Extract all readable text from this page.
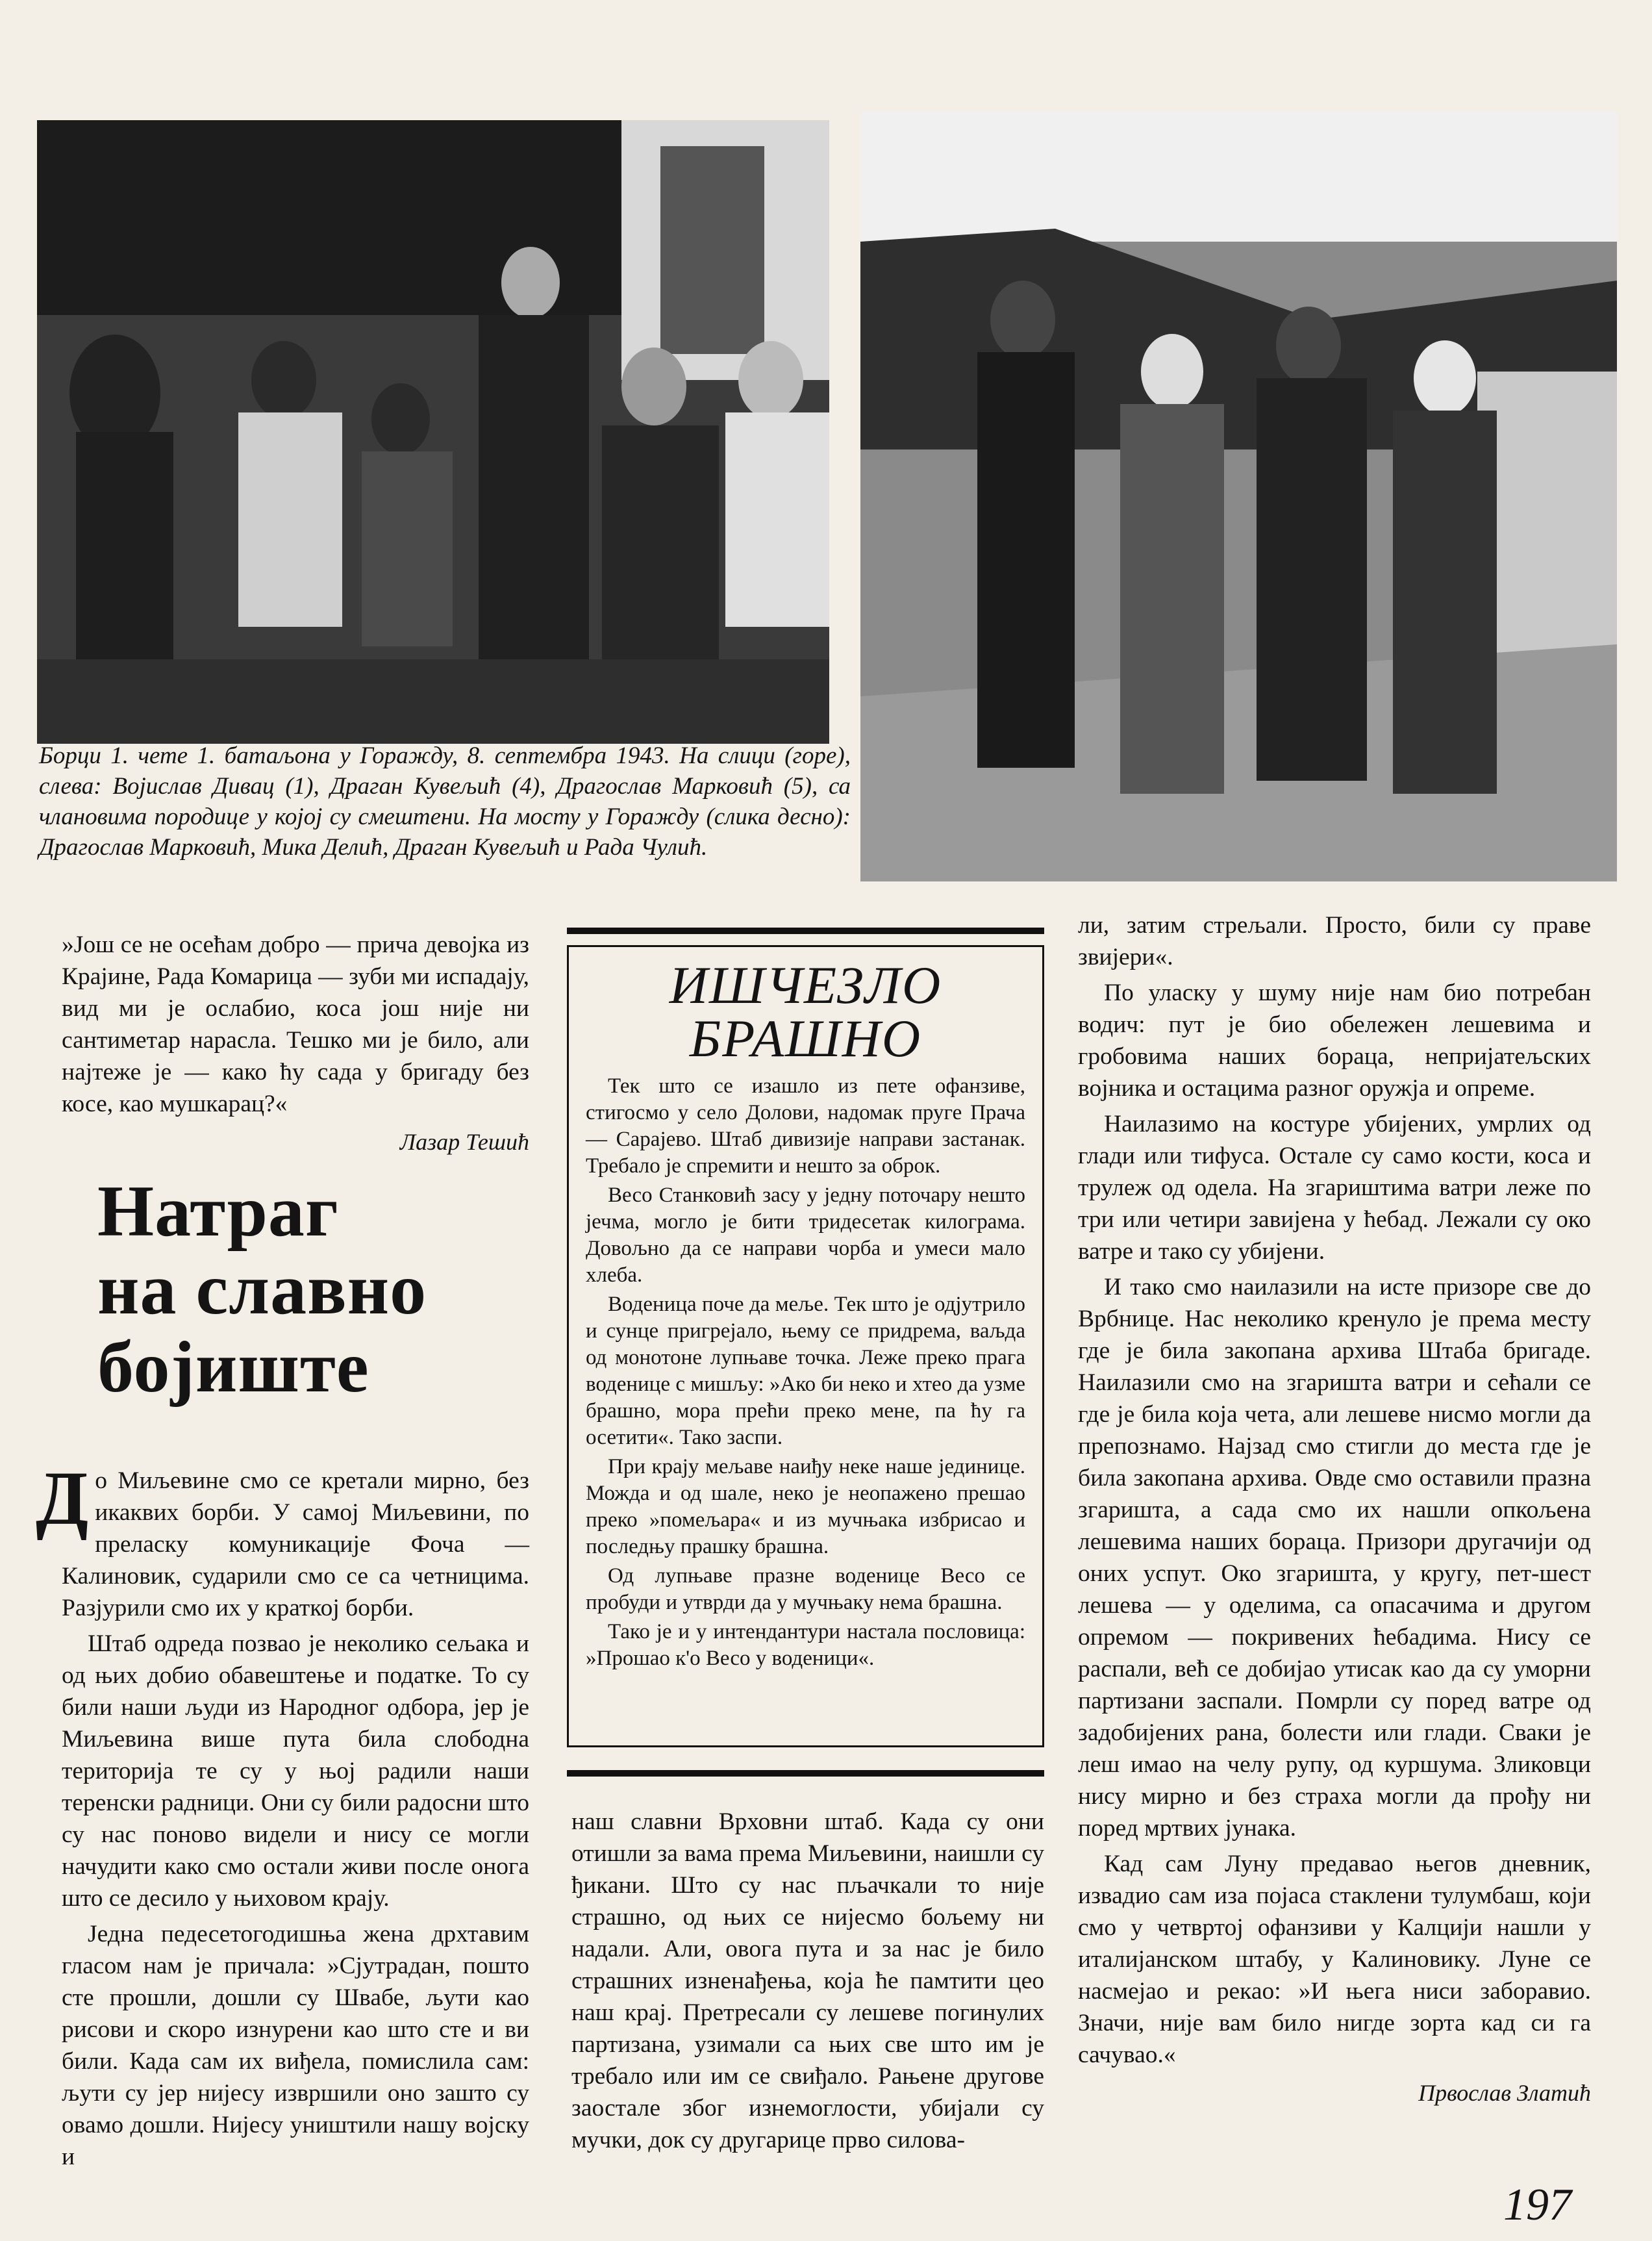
Борци 1. чете 1. батаљона у Горажду, 8. септембра 1943. На слици (горе), слева: Војислав Дивац (1), Драган Кувељић (4), Драгослав Марковић (5), са члановима породице у којој су смештени. На мосту у Горажду (слика десно): Драгослав Марковић, Мика Делић, Драган Кувељић и Рада Чулић.

»Још се не осећам добро — прича девојка из Крајине, Рада Комарица — зуби ми испадају, вид ми је ослабио, коса још није ни сантиметар нарасла. Тешко ми је било, али најтеже је — како ћу сада у бригаду без косе, као мушкарац?«

Лазар Тешић
Натраг
на славно
бојиште

До Миљевине смо се кретали мирно, без икаквих борби. У самој Миљевини, по преласку комуникације Фоча — Калиновик, сударили смо се са четницима. Разјурили смо их у краткој борби.

Штаб одреда позвао је неколико сељака и од њих добио обавештење и податке. То су били наши људи из Народног одбора, јер је Миљевина више пута била слободна територија те су у њој радили наши теренски радници. Они су били радосни што су нас поново видели и нису се могли начудити како смо остали живи после онога што се десило у њиховом крају.

Једна педесетогодишња жена дрхтавим гласом нам је причала: »Сјутрадан, пошто сте прошли, дошли су Швабе, љути као рисови и скоро изнурени као што сте и ви били. Када сам их виђела, помислила сам: љути су јер нијесу извршили оно зашто су овамо дошли. Нијесу уништили нашу војску и

ИШЧЕЗЛО
БРАШНО

Тек што се изашло из пете офанзиве, стигосмо у село Долови, надомак пруге Прача — Сарајево. Штаб дивизије направи застанак. Требало је спремити и нешто за оброк.

Весо Станковић засу у једну поточару нешто јечма, могло је бити тридесетак килограма. Довољно да се направи чорба и умеси мало хлеба.

Воденица поче да меље. Тек што је одјутрило и сунце пригрејало, њему се придрема, ваљда од монотоне лупњаве точка. Леже преко прага воденице с мишљу: »Ако би неко и хтео да узме брашно, мора прећи преко мене, па ћу га осетити«. Тако заспи.

При крају мељаве наиђу неке наше јединице. Можда и од шале, неко је неопажено прешао преко »помељара« и из мучњака избрисао и последњу прашку брашна.

Од лупњаве празне воденице Весо се пробуди и утврди да у мучњаку нема брашна.

Тако је и у интендантури настала пословица: »Прошао к'о Весо у воденици«.

наш славни Врховни штаб. Када су они отишли за вама према Миљевини, наишли су ђикани. Што су нас пљачкали то није страшно, од њих се нијесмо бољему ни надали. Али, овога пута и за нас је било страшних изненађења, која ће памтити цео наш крај. Претресали су лешеве погинулих партизана, узимали са њих све што им је требало или им се свиђало. Рањене другове заостале због изнемоглости, убијали су мучки, док су другарице прво силова-

ли, затим стрељали. Просто, били су праве звијери«.

По уласку у шуму није нам био потребан водич: пут је био обележен лешевима и гробовима наших бораца, непријатељских војника и остацима разног оружја и опреме.

Наилазимо на костуре убијених, умрлих од глади или тифуса. Остале су само кости, коса и трулеж од одела. На згариштима ватри леже по три или четири завијена у ћебад. Лежали су око ватре и тако су убијени.

И тако смо наилазили на исте призоре све до Врбнице. Нас неколико кренуло је према месту где је била закопана архива Штаба бригаде. Наилазили смо на згаришта ватри и сећали се где је била која чета, али лешеве нисмо могли да препознамо. Најзад смо стигли до места где је била закопана архива. Овде смо оставили празна згаришта, а сада смо их нашли опкољена лешевима наших бораца. Призори другачији од оних успут. Око згаришта, у кругу, пет-шест лешева — у оделима, са опасачима и другом опремом — покривених ћебадима. Нису се распали, већ се добијао утисак као да су уморни партизани заспали. Помрли су поред ватре од задобијених рана, болести или глади. Сваки је леш имао на челу рупу, од куршума. Зликовци нису мирно и без страха могли да прођу ни поред мртвих јунака.

Кад сам Луну предавао његов дневник, извадио сам иза појаса стаклени тулумбаш, који смо у четвртој офанзиви у Калцији нашли у италијанском штабу, у Калиновику. Луне се насмејао и рекао: »И њега ниси заборавио. Значи, није вам било нигде зорта кад си га сачувао.«

Првослав Златић
197
